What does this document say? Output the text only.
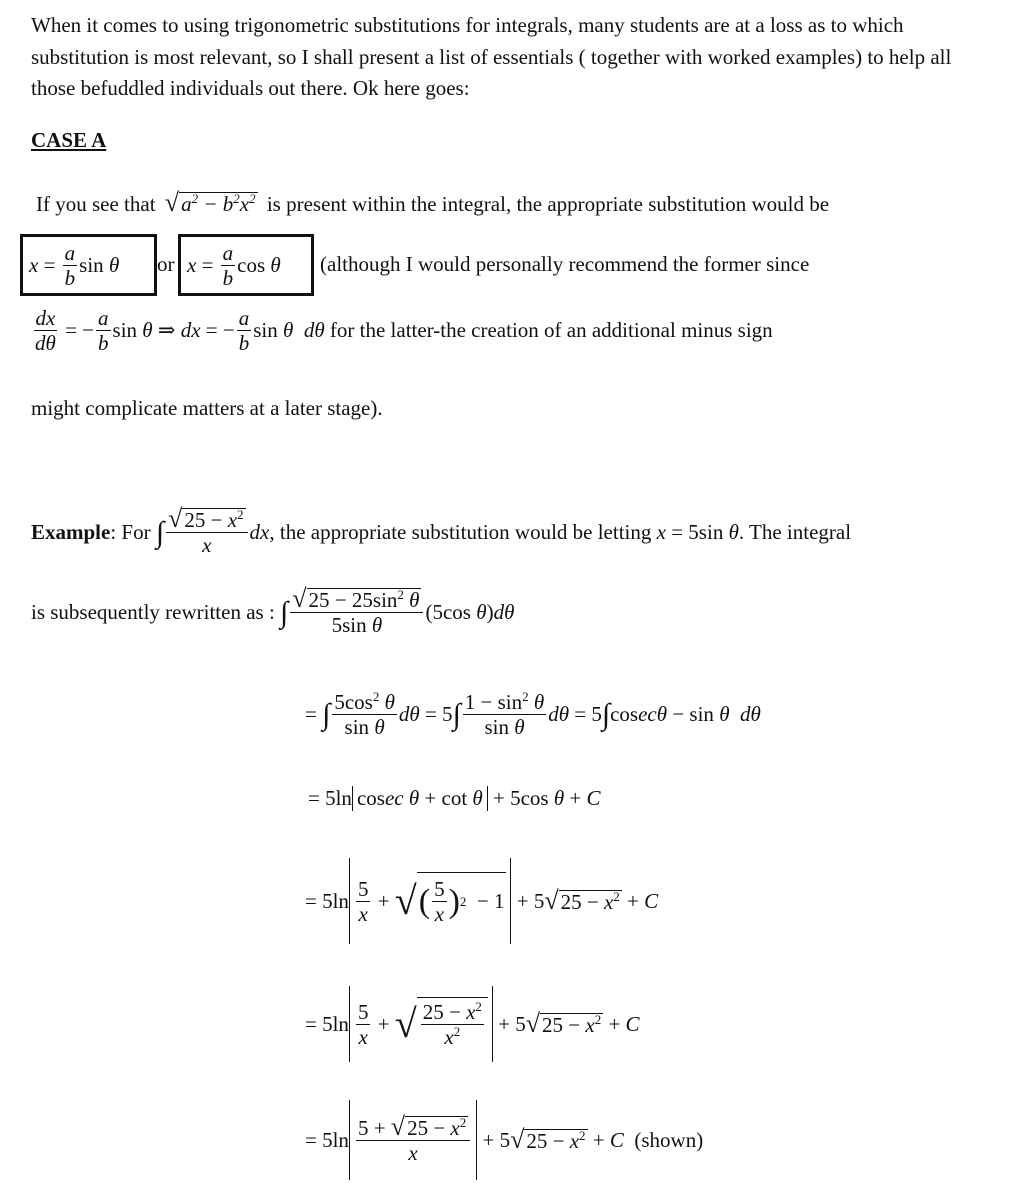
When it comes to using trigonometric substitutions for integrals, many students are at a loss as to which substitution is most relevant, so I shall present a list of essentials ( together with worked examples) to help all those befuddled individuals out there. Ok here goes:
CASE A
If you see that $√a^2 - b^2x^2$ is present within the integral, the appropriate substitution would be
$x = \frac{a}{b}$ sin θ or $x = \frac{a}{b}$ cos θ (although I would personally recommend the former since
$\frac{dx}{d\theta}$ = − $\frac{a}{b}$ sin θ ⇒ dx = − $\frac{a}{b}$ sin θ
dθ
for the latter-the creation of an additional minus sign
might complicate matters at a later stage).
Example : For
∫ $\frac{√25 - x^2}{x}$ dx , the appropriate substitution would be letting
x = 5sin θ . The integral
is subsequently rewritten as :
∫ $\frac{√25 - 25\sin^2 \theta}{\text{5sin θ}} (5\cos$ θ)dθ
= ∫ $\frac{5\cos^2 \theta}{\text{sin θ}}$ dθ = 5 ∫ $\frac{1 - \sin^2 \theta}{\text{sin θ}}$ dθ = 5 ∫ cos ecθ − sin θ
dθ
= 5ln cosec θ + cot θ + 5cos θ + C
= $5\ln \frac{5}{x}$ + √ ( $\frac{5}{x}$ ) 2 − 1 + 5 √ $25 - x^2 + C$
= $5\ln \frac{5}{x}$ + √ $\frac{25 - x^2}{x^2} + 5$ √ $25 - x^2 + C$
= $5\ln \frac{5 + √25 - x^2}{x} + 5$ √ $25 - x^2 + C$
(shown)
